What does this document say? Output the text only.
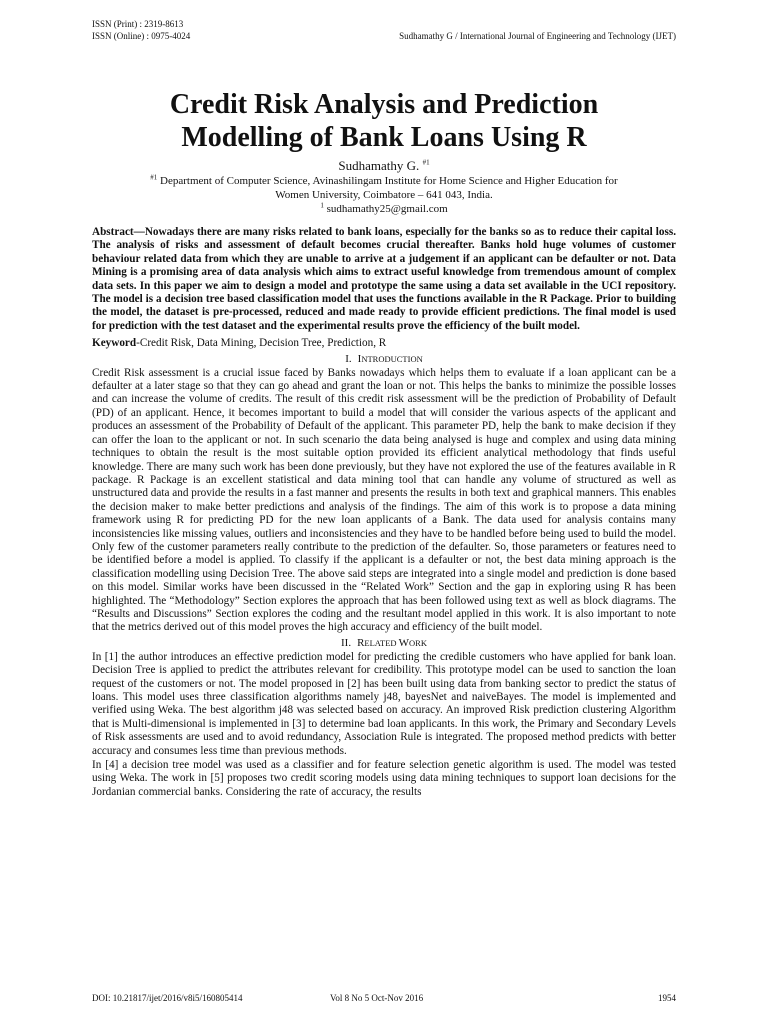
ISSN (Print) : 2319-8613
ISSN (Online) : 0975-4024	Sudhamathy G / International Journal of Engineering and Technology (IJET)
Credit Risk Analysis and Prediction
Modelling of Bank Loans Using R
Sudhamathy G. $^{\#1}$
$^{\#1}$ Department of Computer Science, Avinashilingam Institute for Home Science and Higher Education for
Women University, Coimbatore – 641 043, India.
$^1$ sudhamathy25@gmail.com
Abstract—Nowadays there are many risks related to bank loans, especially for the banks so as to reduce their capital loss. The analysis of risks and assessment of default becomes crucial thereafter. Banks hold huge volumes of customer behaviour related data from which they are unable to arrive at a judgement if an applicant can be defaulter or not. Data Mining is a promising area of data analysis which aims to extract useful knowledge from tremendous amount of complex data sets. In this paper we aim to design a model and prototype the same using a data set available in the UCI repository. The model is a decision tree based classification model that uses the functions available in the R Package. Prior to building the model, the dataset is pre-processed, reduced and made ready to provide efficient predictions. The final model is used for prediction with the test dataset and the experimental results prove the efficiency of the built model.
Keyword-Credit Risk, Data Mining, Decision Tree, Prediction, R
I. INTRODUCTION

Credit Risk assessment is a crucial issue faced by Banks nowadays which helps them to evaluate if a loan applicant can be a defaulter at a later stage so that they can go ahead and grant the loan or not. This helps the banks to minimize the possible losses and can increase the volume of credits. The result of this credit risk assessment will be the prediction of Probability of Default (PD) of an applicant. Hence, it becomes important to build a model that will consider the various aspects of the applicant and produces an assessment of the Probability of Default of the applicant. This parameter PD, help the bank to make decision if they can offer the loan to the applicant or not. In such scenario the data being analysed is huge and complex and using data mining techniques to obtain the result is the most suitable option provided its efficient analytical methodology that finds useful knowledge. There are many such work has been done previously, but they have not explored the use of the features available in R package. R Package is an excellent statistical and data mining tool that can handle any volume of structured as well as unstructured data and provide the results in a fast manner and presents the results in both text and graphical manners. This enables the decision maker to make better predictions and analysis of the findings. The aim of this work is to propose a data mining framework using R for predicting PD for the new loan applicants of a Bank. The data used for analysis contains many inconsistencies like missing values, outliers and inconsistencies and they have to be handled before being used to build the model. Only few of the customer parameters really contribute to the prediction of the defaulter. So, those parameters or features need to be identified before a model is applied. To classify if the applicant is a defaulter or not, the best data mining approach is the classification modelling using Decision Tree. The above said steps are integrated into a single model and prediction is done based on this model. Similar works have been discussed in the “Related Work” Section and the gap in exploring using R has been highlighted. The “Methodology” Section explores the approach that has been followed using text as well as block diagrams. The “Results and Discussions” Section explores the coding and the resultant model applied in this work. It is also important to note that the metrics derived out of this model proves the high accuracy and efficiency of the built model.

II. RELATED WORK

In [1] the author introduces an effective prediction model for predicting the credible customers who have applied for bank loan. Decision Tree is applied to predict the attributes relevant for credibility. This prototype model can be used to sanction the loan request of the customers or not. The model proposed in [2] has been built using data from banking sector to predict the status of loans. This model uses three classification algorithms namely j48, bayesNet and naiveBayes. The model is implemented and verified using Weka. The best algorithm j48 was selected based on accuracy. An improved Risk prediction clustering Algorithm that is Multi-dimensional is implemented in [3] to determine bad loan applicants. In this work, the Primary and Secondary Levels of Risk assessments are used and to avoid redundancy, Association Rule is integrated. The proposed method predicts with better accuracy and consumes less time than previous methods.

In [4] a decision tree model was used as a classifier and for feature selection genetic algorithm is used. The model was tested using Weka. The work in [5] proposes two credit scoring models using data mining techniques to support loan decisions for the Jordanian commercial banks. Considering the rate of accuracy, the results

DOI: 10.21817/ijet/2016/v8i5/160805414	Vol 8 No 5 Oct-Nov 2016	1954
